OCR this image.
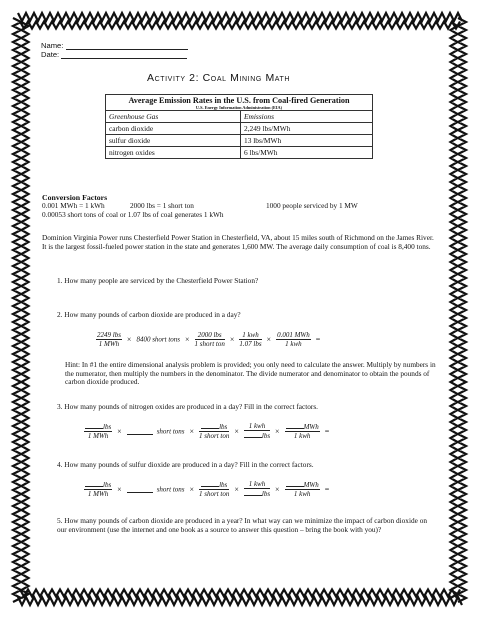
Name:
Date:
Activity 2: Coal Mining Math
Average Emission Rates in the U.S. from Coal-fired Generation
U.S. Energy Information Administration (EIA)	

Greenhouse Gas	Emissions
carbon dioxide	2,249 lbs/MWh
sulfur dioxide	13 lbs/MWh
nitrogen oxides	6 lbs/MWh
Conversion Factors
0.001 MWh = 1 kWh	2000 lbs = 1 short ton	1000 people serviced by 1 MW
0.00053 short tons of coal or 1.07 lbs of coal generates 1 kWh
Dominion Virginia Power runs Chesterfield Power Station in Chesterfield, VA, about 15 miles south of Richmond on the James River. It is the largest fossil-fueled power station in the state and generates 1,600 MW. The average daily consumption of coal is 8,400 tons.
1. How many people are serviced by the Chesterfield Power Station?
2. How many pounds of carbon dioxide are produced in a day?
$\frac{\text{2249 lbs}}{\text{1 MWh}} \times 8400$ short tons × $\frac{\text{2000 lbs}}{\text{1 short ton}} \times \frac{\text{1 kwh}}{\text{1.07 lbs}} \times \frac{\text{0.001 MWh}}{\text{1 kwh}}$ =
Hint: In #1 the entire dimensional analysis problem is provided; you only need to calculate the answer. Multiply by numbers in the numerator, then multiply the numbers in the denominator. The divide numerator and denominator to obtain the pounds of carbon dioxide produced.
3. How many pounds of nitrogen oxides are produced in a day? Fill in the correct factors.
$\frac{\text{lbs}}{\text{1 MWh}}$ ×	short tons × $\frac{\text{lbs}}{\text{1 short ton}} \times \frac{\text{1 kwh}}{\text{lbs}} \times \frac{\text{MWh}}{\text{1 kwh}}$ =
4. How many pounds of sulfur dioxide are produced in a day? Fill in the correct factors.
$\frac{\text{lbs}}{\text{1 MWh}}$ ×	short tons × $\frac{\text{lbs}}{\text{1 short ton}} \times \frac{\text{1 kwh}}{\text{lbs}} \times \frac{\text{MWh}}{\text{1 kwh}}$ =
5. How many pounds of carbon dioxide are produced in a year? In what way can we minimize the impact of carbon dioxide on our environment (use the internet and one book as a source to answer this question – bring the book with you)?
